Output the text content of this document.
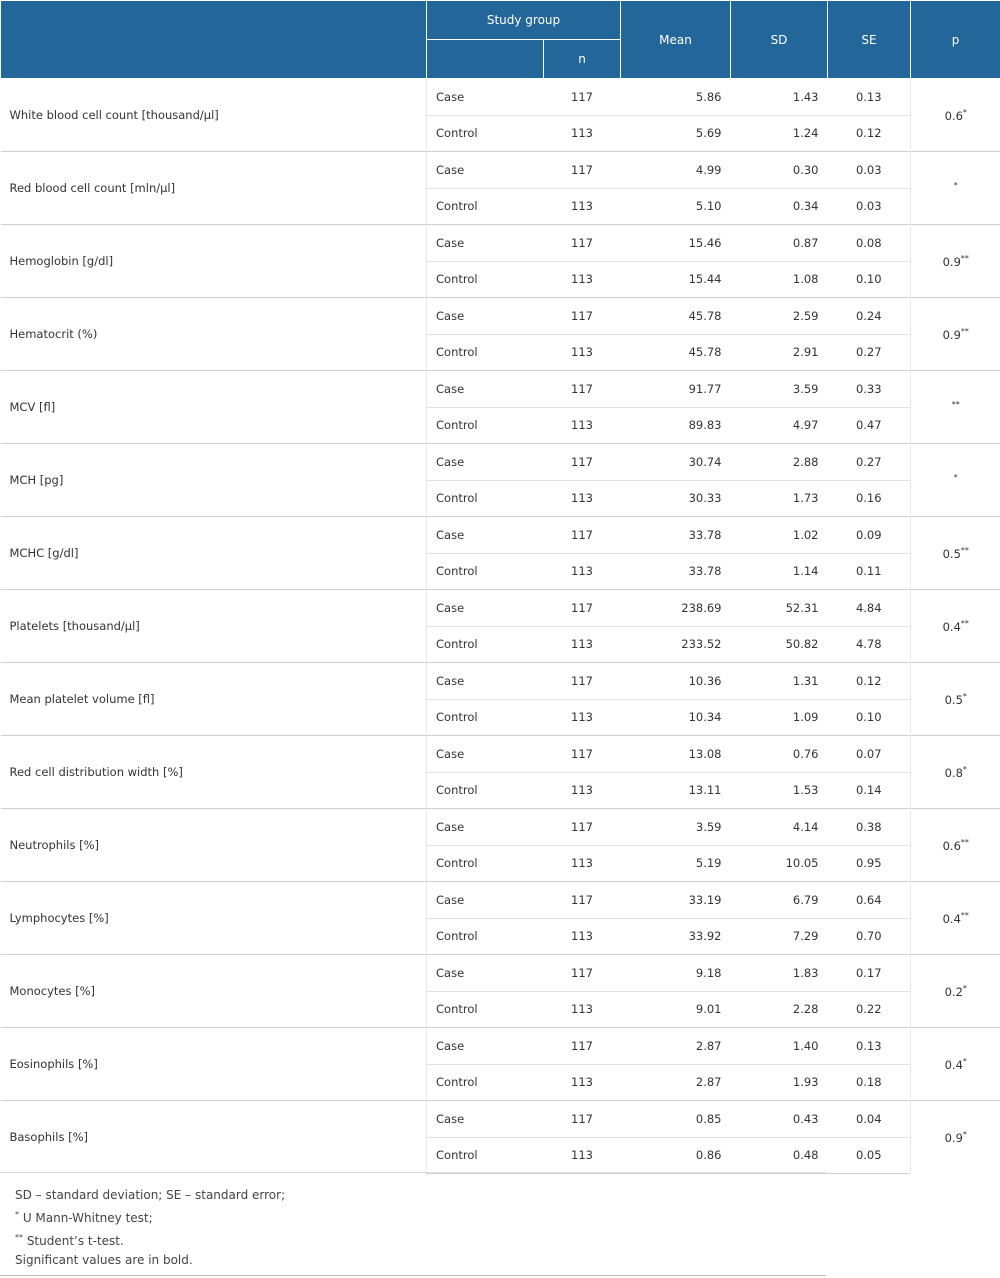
	Study group		Mean	SD	SE	p
		n				
White blood cell count [thousand/µl]	Case	117	5.86	1.43	0.13	0.6*
	Control	113	5.69	1.24	0.12	
Red blood cell count [mln/µl]	Case	117	4.99	0.30	0.03	*
	Control	113	5.10	0.34	0.03	
Hemoglobin [g/dl]	Case	117	15.46	0.87	0.08	0.9**
	Control	113	15.44	1.08	0.10	
Hematocrit (%)	Case	117	45.78	2.59	0.24	0.9**
	Control	113	45.78	2.91	0.27	
MCV [fl]	Case	117	91.77	3.59	0.33	**
	Control	113	89.83	4.97	0.47	
MCH [pg]	Case	117	30.74	2.88	0.27	*
	Control	113	30.33	1.73	0.16	
MCHC [g/dl]	Case	117	33.78	1.02	0.09	0.5**
	Control	113	33.78	1.14	0.11	
Platelets [thousand/µl]	Case	117	238.69	52.31	4.84	0.4**
	Control	113	233.52	50.82	4.78	
Mean platelet volume [fl]	Case	117	10.36	1.31	0.12	0.5*
	Control	113	10.34	1.09	0.10	
Red cell distribution width [%]	Case	117	13.08	0.76	0.07	0.8*
	Control	113	13.11	1.53	0.14	
Neutrophils [%]	Case	117	3.59	4.14	0.38	0.6**
	Control	113	5.19	10.05	0.95	
Lymphocytes [%]	Case	117	33.19	6.79	0.64	0.4**
	Control	113	33.92	7.29	0.70	
Monocytes [%]	Case	117	9.18	1.83	0.17	0.2*
	Control	113	9.01	2.28	0.22	
Eosinophils [%]	Case	117	2.87	1.40	0.13	0.4*
	Control	113	2.87	1.93	0.18	
Basophils [%]	Case	117	0.85	0.43	0.04	0.9*
	Control	113	0.86	0.48	0.05	
SD – standard deviation; SE – standard error;
* U Mann-Whitney test;
** Student’s t-test.
Significant values are in bold.
